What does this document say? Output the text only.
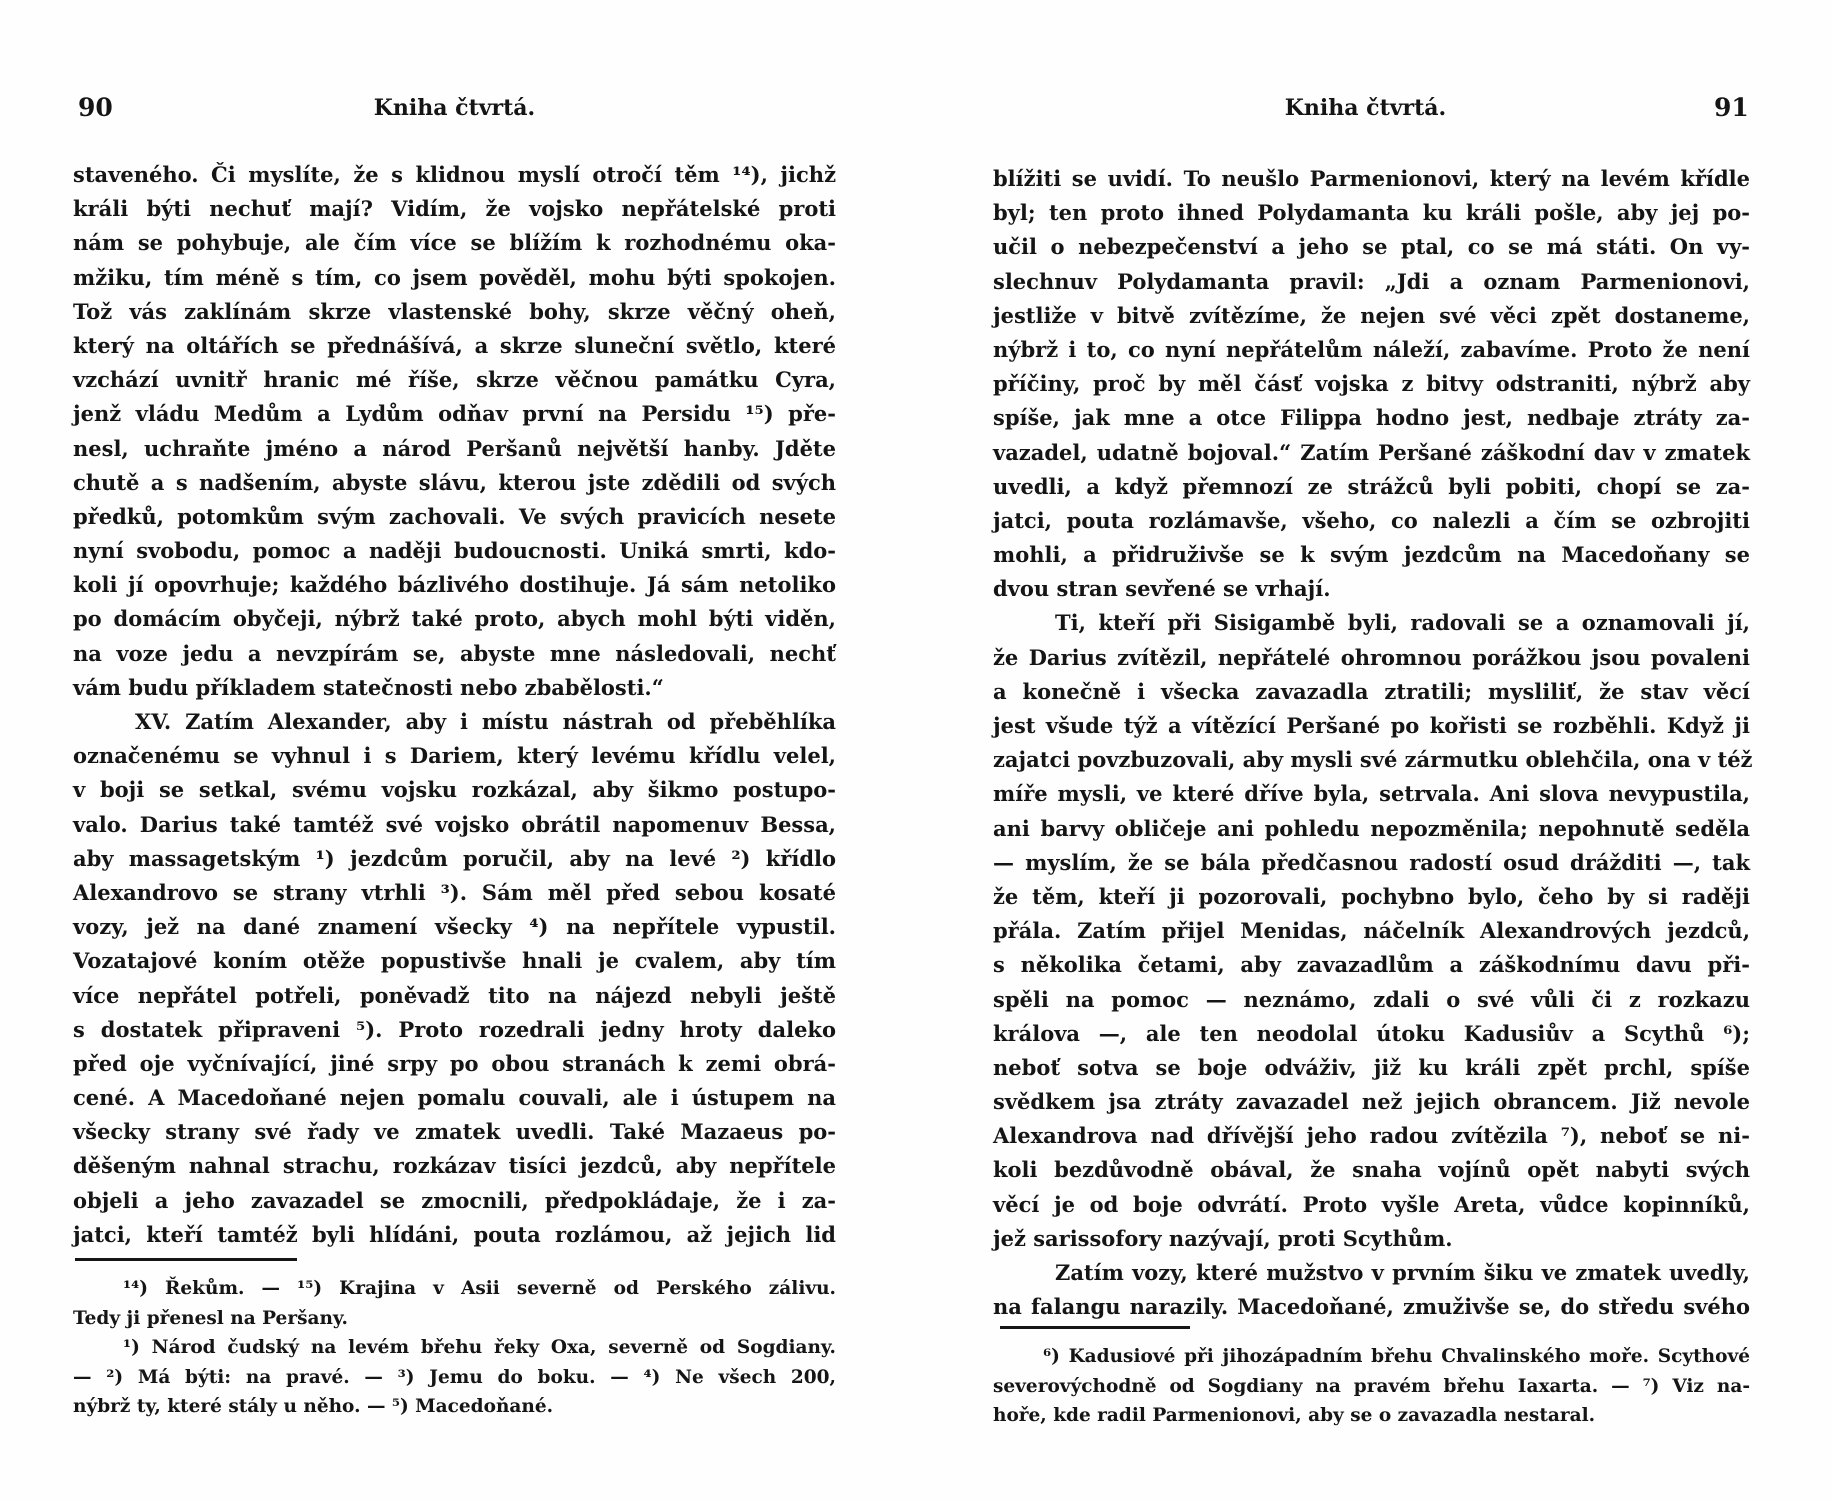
90	Kniha čtvrtá.
staveného. Či myslíte, že s klidnou myslí otročí těm ¹⁴), jichž
králi býti nechuť mají? Vidím, že vojsko nepřátelské proti
nám se pohybuje, ale čím více se blížím k rozhodnému oka-
mžiku, tím méně s tím, co jsem pověděl, mohu býti spokojen.
Tož vás zaklínám skrze vlastenské bohy, skrze věčný oheň,
který na oltářích se přednášívá, a skrze sluneční světlo, které
vzchází uvnitř hranic mé říše, skrze věčnou památku Cyra,
jenž vládu Medům a Lydům odňav první na Persidu ¹⁵) pře-
nesl, uchraňte jméno a národ Peršanů největší hanby. Jděte
chutě a s nadšením, abyste slávu, kterou jste zdědili od svých
předků, potomkům svým zachovali. Ve svých pravicích nesete
nyní svobodu, pomoc a naději budoucnosti. Uniká smrti, kdo-
koli jí opovrhuje; každého bázlivého dostihuje. Já sám netoliko
po domácím obyčeji, nýbrž také proto, abych mohl býti viděn,
na voze jedu a nevzpírám se, abyste mne následovali, nechť
vám budu příkladem statečnosti nebo zbabělosti.“
XV. Zatím Alexander, aby i místu nástrah od přeběhlíka
označenému se vyhnul i s Dariem, který levému křídlu velel,
v boji se setkal, svému vojsku rozkázal, aby šikmo postupo-
valo. Darius také tamtéž své vojsko obrátil napomenuv Bessa,
aby massagetským ¹) jezdcům poručil, aby na levé ²) křídlo
Alexandrovo se strany vtrhli ³). Sám měl před sebou kosaté
vozy, jež na dané znamení všecky ⁴) na nepřítele vypustil.
Vozatajové koním otěže popustivše hnali je cvalem, aby tím
více nepřátel potřeli, poněvadž tito na nájezd nebyli ještě
s dostatek připraveni ⁵). Proto rozedrali jedny hroty daleko
před oje vyčnívající, jiné srpy po obou stranách k zemi obrá-
cené. A Macedoňané nejen pomalu couvali, ale i ústupem na
všecky strany své řady ve zmatek uvedli. Také Mazaeus po-
děšeným nahnal strachu, rozkázav tisíci jezdců, aby nepřítele
objeli a jeho zavazadel se zmocnili, předpokládaje, že i za-
jatci, kteří tamtéž byli hlídáni, pouta rozlámou, až jejich lid
¹⁴) Řekům. — ¹⁵) Krajina v Asii severně od Perského zálivu.
Tedy ji přenesl na Peršany.
¹) Národ čudský na levém břehu řeky Oxa, severně od Sogdiany.
— ²) Má býti: na pravé. — ³) Jemu do boku. — ⁴) Ne všech 200,
nýbrž ty, které stály u něho. — ⁵) Macedoňané.
Kniha čtvrtá.	91
blížiti se uvidí. To neušlo Parmenionovi, který na levém křídle
byl; ten proto ihned Polydamanta ku králi pošle, aby jej po-
učil o nebezpečenství a jeho se ptal, co se má státi. On vy-
slechnuv Polydamanta pravil: „Jdi a oznam Parmenionovi,
jestliže v bitvě zvítězíme, že nejen své věci zpět dostaneme,
nýbrž i to, co nyní nepřátelům náleží, zabavíme. Proto že není
příčiny, proč by měl čásť vojska z bitvy odstraniti, nýbrž aby
spíše, jak mne a otce Filippa hodno jest, nedbaje ztráty za-
vazadel, udatně bojoval.“ Zatím Peršané záškodní dav v zmatek
uvedli, a když přemnozí ze strážců byli pobiti, chopí se za-
jatci, pouta rozlámavše, všeho, co nalezli a čím se ozbrojiti
mohli, a přidruživše se k svým jezdcům na Macedoňany se
dvou stran sevřené se vrhají.
Ti, kteří při Sisigambě byli, radovali se a oznamovali jí,
že Darius zvítězil, nepřátelé ohromnou porážkou jsou povaleni
a konečně i všecka zavazadla ztratili; mysliliť, že stav věcí
jest všude týž a vítězící Peršané po kořisti se rozběhli. Když ji
zajatci povzbuzovali, aby mysli své zármutku oblehčila, ona v též
míře mysli, ve které dříve byla, setrvala. Ani slova nevypustila,
ani barvy obličeje ani pohledu nepozměnila; nepohnutě seděla
— myslím, že se bála předčasnou radostí osud drážditi —, tak
že těm, kteří ji pozorovali, pochybno bylo, čeho by si raději
přála. Zatím přijel Menidas, náčelník Alexandrových jezdců,
s několika četami, aby zavazadlům a záškodnímu davu při-
spěli na pomoc — neznámo, zdali o své vůli či z rozkazu
králova —, ale ten neodolal útoku Kadusiův a Scythů ⁶);
neboť sotva se boje odváživ, již ku králi zpět prchl, spíše
svědkem jsa ztráty zavazadel než jejich obrancem. Již nevole
Alexandrova nad dřívější jeho radou zvítězila ⁷), neboť se ni-
koli bezdůvodně obával, že snaha vojínů opět nabyti svých
věcí je od boje odvrátí. Proto vyšle Areta, vůdce kopinníků,
jež sarissofory nazývají, proti Scythům.
Zatím vozy, které mužstvo v prvním šiku ve zmatek uvedly,
na falangu narazily. Macedoňané, zmuživše se, do středu svého
⁶) Kadusiové při jihozápadním břehu Chvalinského moře. Scythové
severovýchodně od Sogdiany na pravém břehu Iaxarta. — ⁷) Viz na-
hoře, kde radil Parmenionovi, aby se o zavazadla nestaral.
